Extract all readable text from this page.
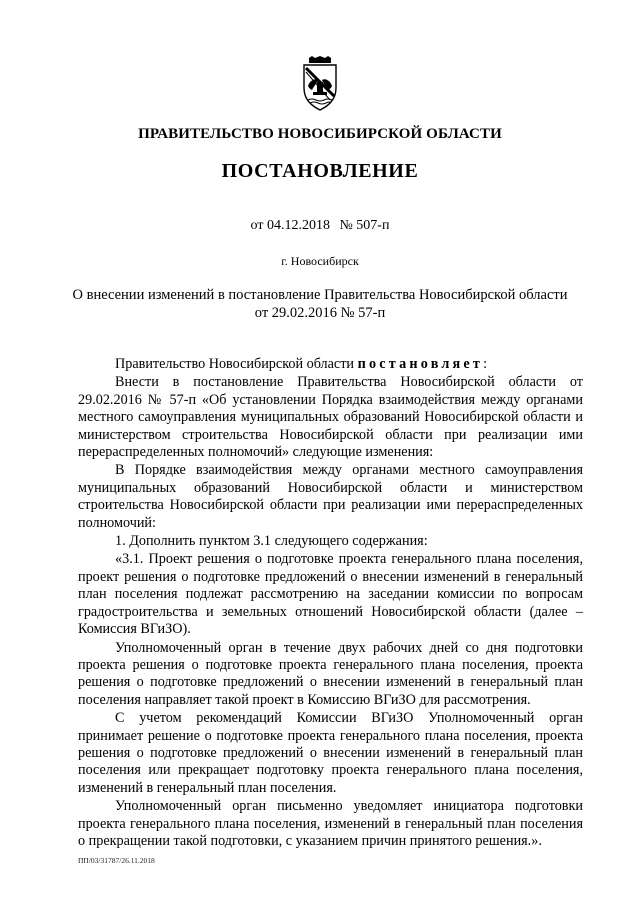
ПРАВИТЕЛЬСТВО НОВОСИБИРСКОЙ ОБЛАСТИ
ПОСТАНОВЛЕНИЕ
от 04.12.2018 № 507-п
г. Новосибирск
О внесении изменений в постановление Правительства Новосибирской области
от 29.02.2016 № 57-п

Правительство Новосибирской области постановляет:

Внести в постановление Правительства Новосибирской области от 29.02.2016 № 57-п «Об установлении Порядка взаимодействия между органами местного самоуправления муниципальных образований Новосибирской области и министерством строительства Новосибирской области при реализации ими перераспределенных полномочий» следующие изменения:

В Порядке взаимодействия между органами местного самоуправления муниципальных образований Новосибирской области и министерством строительства Новосибирской области при реализации ими перераспределенных полномочий:

1. Дополнить пунктом 3.1 следующего содержания:

«3.1. Проект решения о подготовке проекта генерального плана поселения, проект решения о подготовке предложений о внесении изменений в генеральный план поселения подлежат рассмотрению на заседании комиссии по вопросам градостроительства и земельных отношений Новосибирской области (далее – Комиссия ВГиЗО).

Уполномоченный орган в течение двух рабочих дней со дня подготовки проекта решения о подготовке проекта генерального плана поселения, проекта решения о подготовке предложений о внесении изменений в генеральный план поселения направляет такой проект в Комиссию ВГиЗО для рассмотрения.

С учетом рекомендаций Комиссии ВГиЗО Уполномоченный орган принимает решение о подготовке проекта генерального плана поселения, проекта решения о подготовке предложений о внесении изменений в генеральный план поселения или прекращает подготовку проекта генерального плана поселения, изменений в генеральный план поселения.

Уполномоченный орган письменно уведомляет инициатора подготовки проекта генерального плана поселения, изменений в генеральный план поселения о прекращении такой подготовки, с указанием причин принятого решения.».

ПП/03/31787/26.11.2018
